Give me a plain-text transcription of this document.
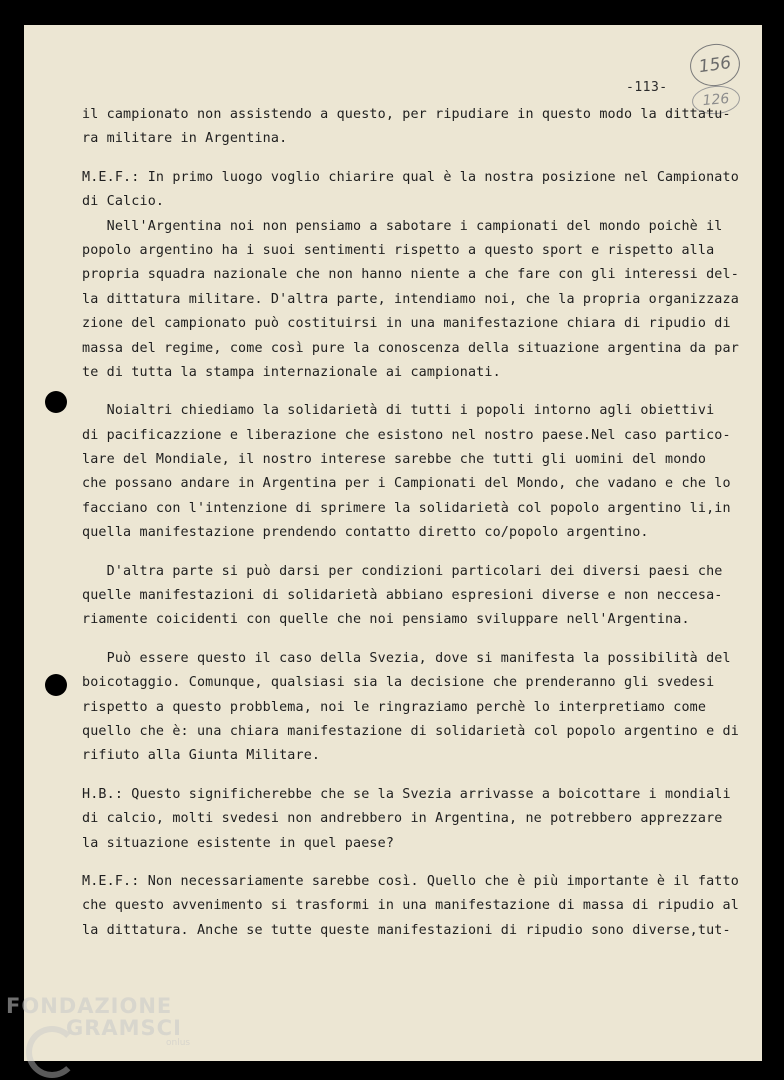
-113-
156
126
il campionato non assistendo a questo, per ripudiare in questo modo la dittatu-
ra militare in Argentina.
M.E.F.: In primo luogo voglio chiarire qual è la nostra posizione nel Campionato
di Calcio.
Nell'Argentina noi non pensiamo a sabotare i campionati del mondo poichè il
popolo argentino ha i suoi sentimenti rispetto a questo sport e rispetto alla
propria squadra nazionale che non hanno niente a che fare con gli interessi del-
la dittatura militare. D'altra parte, intendiamo noi, che la propria organizzaza
zione del campionato può costituirsi in una manifestazione chiara di ripudio di
massa del regime, come così pure la conoscenza della situazione argentina da par
te di tutta la stampa internazionale ai campionati.
Noialtri chiediamo la solidarietà di tutti i popoli intorno agli obiettivi
di pacificazzione e liberazione che esistono nel nostro paese.Nel caso partico-
lare del Mondiale, il nostro interese sarebbe che tutti gli uomini del mondo
che possano andare in Argentina per i Campionati del Mondo, che vadano e che lo
facciano con l'intenzione di sprimere la solidarietà col popolo argentino li,in
quella manifestazione prendendo contatto diretto co/popolo argentino.
D'altra parte si può darsi per condizioni particolari dei diversi paesi che
quelle manifestazioni di solidarietà abbiano espresioni diverse e non neccesa-
riamente coicidenti con quelle che noi pensiamo sviluppare nell'Argentina.
Può essere questo il caso della Svezia, dove si manifesta la possibilità del
boicotaggio. Comunque, qualsiasi sia la decisione che prenderanno gli svedesi
rispetto a questo probblema, noi le ringraziamo perchè lo interpretiamo come
quello che è: una chiara manifestazione di solidarietà col popolo argentino e di
rifiuto alla Giunta Militare.
H.B.: Questo significherebbe che se la Svezia arrivasse a boicottare i mondiali
di calcio, molti svedesi non andrebbero in Argentina, ne potrebbero apprezzare
la situazione esistente in quel paese?
M.E.F.: Non necessariamente sarebbe così. Quello che è più importante è il fatto
che questo avvenimento si trasformi in una manifestazione di massa di ripudio al
la dittatura. Anche se tutte queste manifestazioni di ripudio sono diverse,tut-
FONDAZIONE
GRAMSCI
onlus
